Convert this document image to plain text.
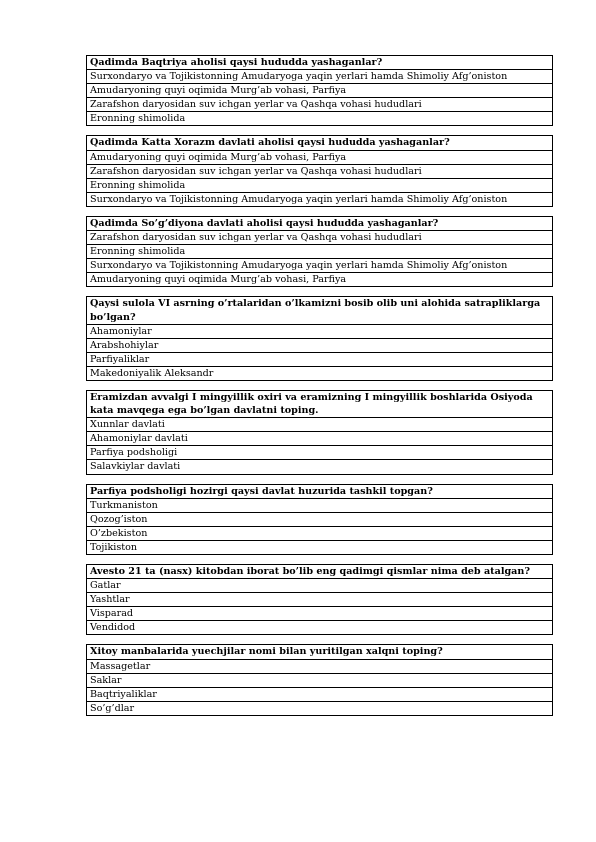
Qadimda Baqtriya aholisi qaysi hududda yashaganlar?
Surxondaryo va Tojikistonning Amudaryoga yaqin yerlari hamda Shimoliy Afg’oniston
Amudaryoning quyi oqimida Murg’ab vohasi, Parfiya
Zarafshon daryosidan suv ichgan yerlar va Qashqa vohasi hududlari
Eronning shimolida
Qadimda Katta Xorazm davlati aholisi qaysi hududda yashaganlar?
Amudaryoning quyi oqimida Murg’ab vohasi, Parfiya
Zarafshon daryosidan suv ichgan yerlar va Qashqa vohasi hududlari
Eronning shimolida
Surxondaryo va Tojikistonning Amudaryoga yaqin yerlari hamda Shimoliy Afg’oniston
Qadimda So’g’diyona davlati aholisi qaysi hududda yashaganlar?
Zarafshon daryosidan suv ichgan yerlar va Qashqa vohasi hududlari
Eronning shimolida
Surxondaryo va Tojikistonning Amudaryoga yaqin yerlari hamda Shimoliy Afg’oniston
Amudaryoning quyi oqimida Murg’ab vohasi, Parfiya
Qaysi sulola VI asrning o’rtalaridan o’lkamizni bosib olib uni alohida satrapliklarga bo’lgan?
Ahamoniylar
Arabshohiylar
Parfiyaliklar
Makedoniyalik Aleksandr
Eramizdan avvalgi I mingyillik oxiri va eramizning I mingyillik boshlarida Osiyoda kata mavqega ega bo’lgan davlatni toping.
Xunnlar davlati
Ahamoniylar davlati
Parfiya podsholigi
Salavkiylar davlati
Parfiya podsholigi hozirgi qaysi davlat huzurida tashkil topgan?
Turkmaniston
Qozog’iston
O’zbekiston
Tojikiston
Avesto 21 ta (nasx) kitobdan iborat bo’lib eng qadimgi qismlar nima deb atalgan?
Gatlar
Yashtlar
Visparad
Vendidod
Xitoy manbalarida yuechjilar nomi bilan yuritilgan xalqni toping?
Massagetlar
Saklar
Baqtriyaliklar
So’g’dlar
